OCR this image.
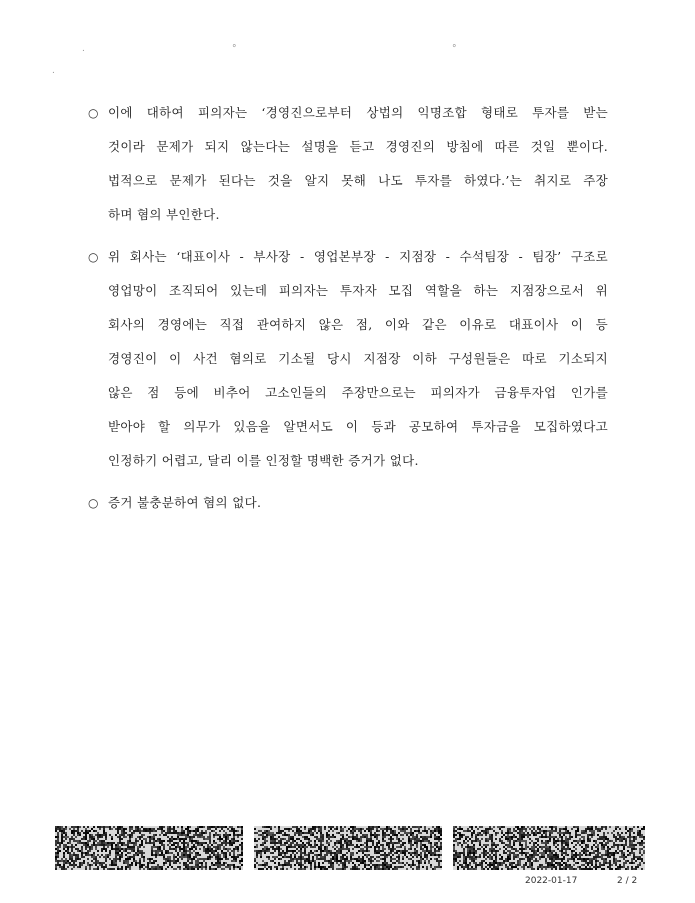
.	°	°
.
○ 이에 대하여 피의자는 ‘경영진으로부터 상법의 익명조합 형태로 투자를 받는

것이라 문제가 되지 않는다는 설명을 듣고 경영진의 방침에 따른 것일 뿐이다.

법적으로 문제가 된다는 것을 알지 못해 나도 투자를 하였다.’는 취지로 주장

하며 혐의 부인한다.

○ 위 회사는 ‘대표이사 - 부사장 - 영업본부장 - 지점장 - 수석팀장 - 팀장’ 구조로

영업망이 조직되어 있는데 피의자는 투자자 모집 역할을 하는 지점장으로서 위

회사의 경영에는 직접 관여하지 않은 점, 이와 같은 이유로 대표이사 이 등

경영진이 이 사건 혐의로 기소될 당시 지점장 이하 구성원들은 따로 기소되지

않은 점 등에 비추어 고소인들의 주장만으로는 피의자가 금융투자업 인가를

받아야 할 의무가 있음을 알면서도 이 등과 공모하여 투자금을 모집하였다고

인정하기 어렵고, 달리 이를 인정할 명백한 증거가 없다.

○ 증거 불충분하여 혐의 없다.

2022-01-17	2 / 2
